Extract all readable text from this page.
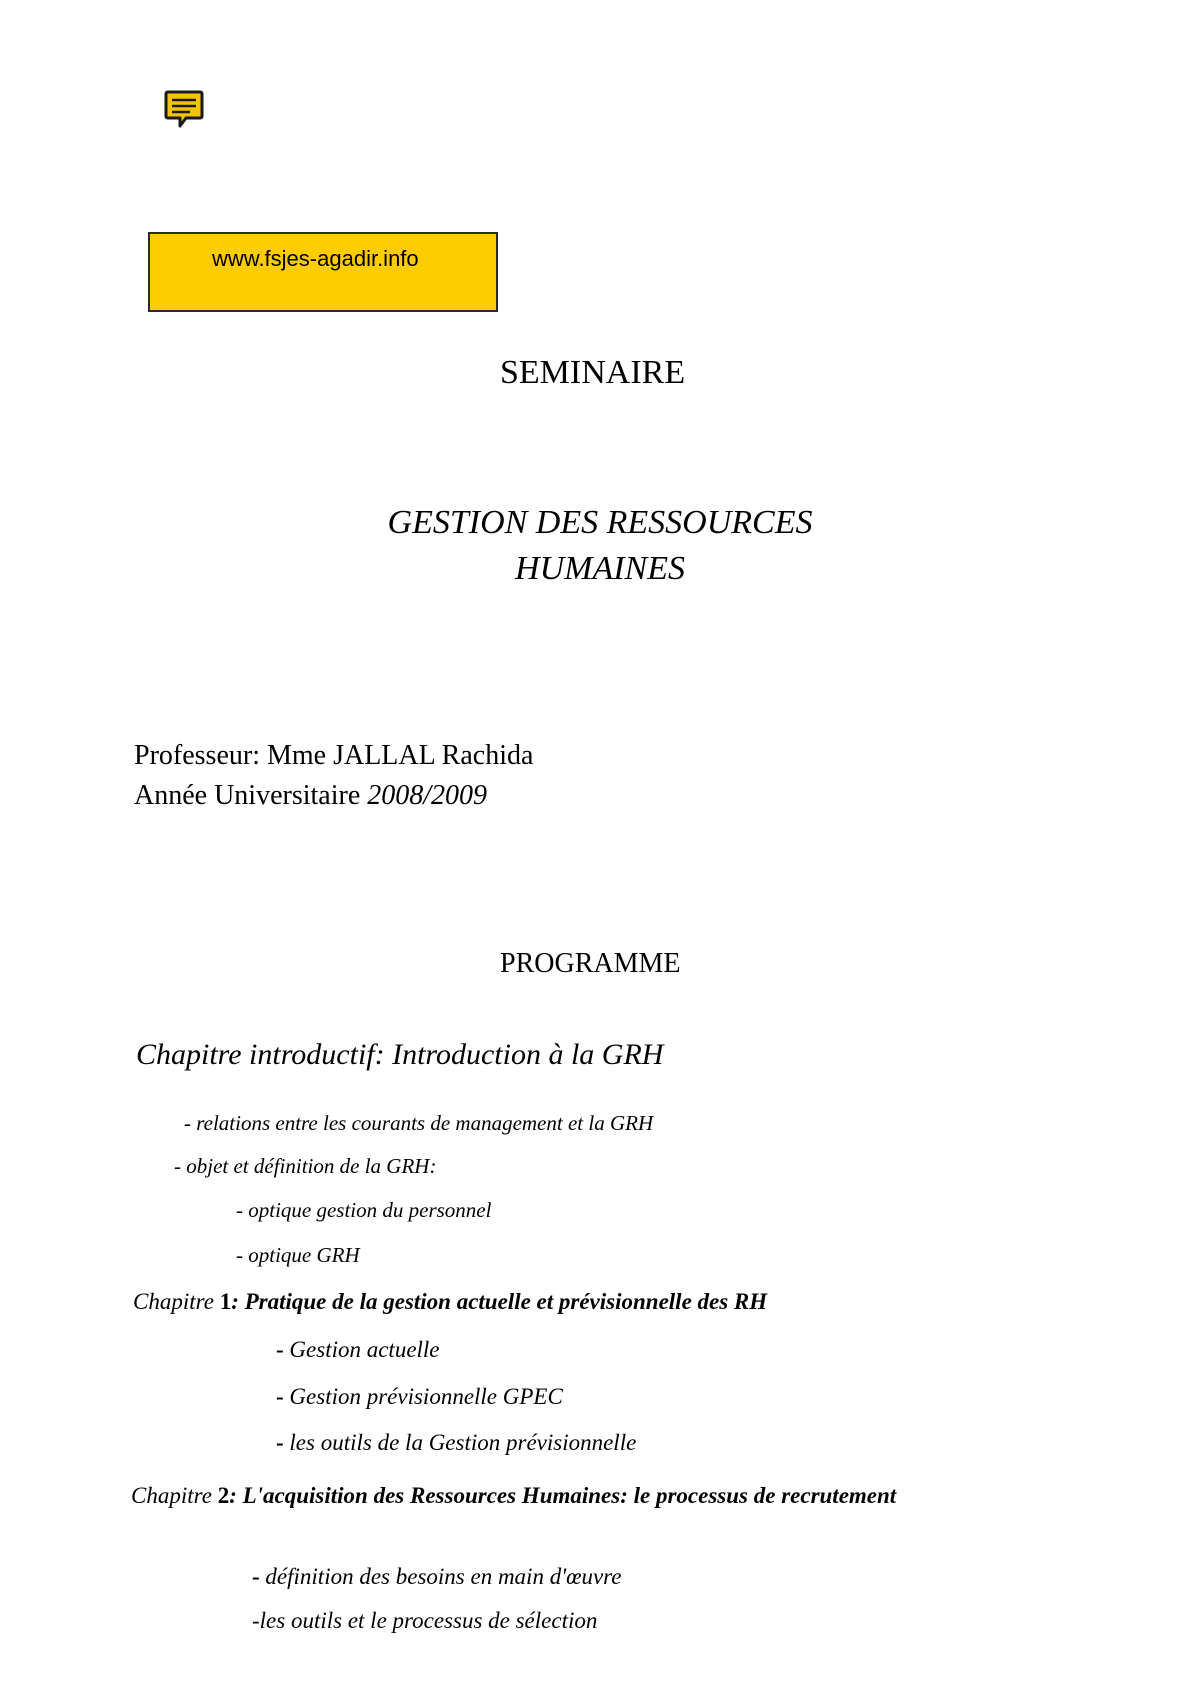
www.fsjes-agadir.info
SEMINAIRE
GESTION DES RESSOURCES
HUMAINES
Professeur: Mme JALLAL Rachida
Année Universitaire 2008/2009
PROGRAMME
Chapitre introductif: Introduction à la GRH
- relations entre les courants de management et la GRH
- objet et définition de la GRH:
- optique gestion du personnel
- optique GRH
Chapitre 1: Pratique de la gestion actuelle et prévisionnelle des RH
- Gestion actuelle
- Gestion prévisionnelle GPEC
- les outils de la Gestion prévisionnelle
Chapitre 2: L'acquisition des Ressources Humaines: le processus de recrutement
- définition des besoins en main d'œuvre
-les outils et le processus de sélection
